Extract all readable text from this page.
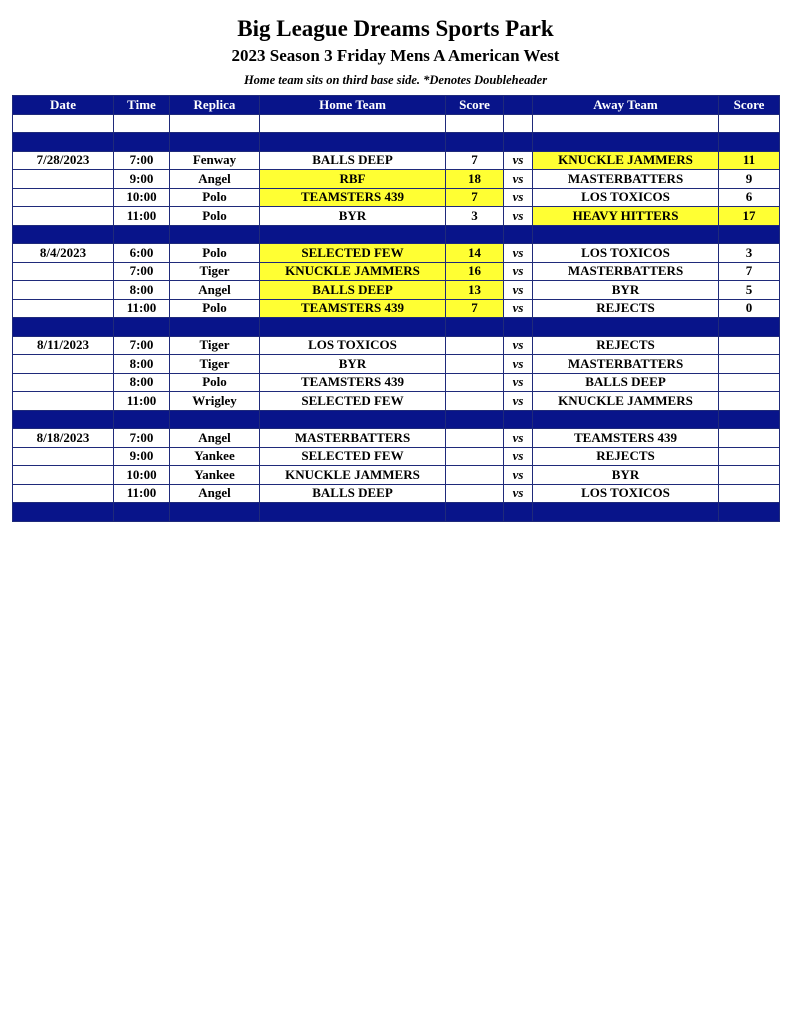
Big League Dreams Sports Park
2023 Season 3 Friday Mens A American West
Home team sits on third base side. *Denotes Doubleheader
Date	Time	Replica	Home Team	Score		Away Team	Score

7/28/2023	7:00	Fenway	BALLS DEEP	7	vs	KNUCKLE JAMMERS	11
	9:00	Angel	RBF	18	vs	MASTERBATTERS	9
	10:00	Polo	TEAMSTERS 439	7	vs	LOS TOXICOS	6
	11:00	Polo	BYR	3	vs	HEAVY HITTERS	17

8/4/2023	6:00	Polo	SELECTED FEW	14	vs	LOS TOXICOS	3
	7:00	Tiger	KNUCKLE JAMMERS	16	vs	MASTERBATTERS	7
	8:00	Angel	BALLS DEEP	13	vs	BYR	5
	11:00	Polo	TEAMSTERS 439	7	vs	REJECTS	0

8/11/2023	7:00	Tiger	LOS TOXICOS		vs	REJECTS	
	8:00	Tiger	BYR		vs	MASTERBATTERS	
	8:00	Polo	TEAMSTERS 439		vs	BALLS DEEP	
	11:00	Wrigley	SELECTED FEW		vs	KNUCKLE JAMMERS	

8/18/2023	7:00	Angel	MASTERBATTERS		vs	TEAMSTERS 439	
	9:00	Yankee	SELECTED FEW		vs	REJECTS	
	10:00	Yankee	KNUCKLE JAMMERS		vs	BYR	
	11:00	Angel	BALLS DEEP		vs	LOS TOXICOS	
